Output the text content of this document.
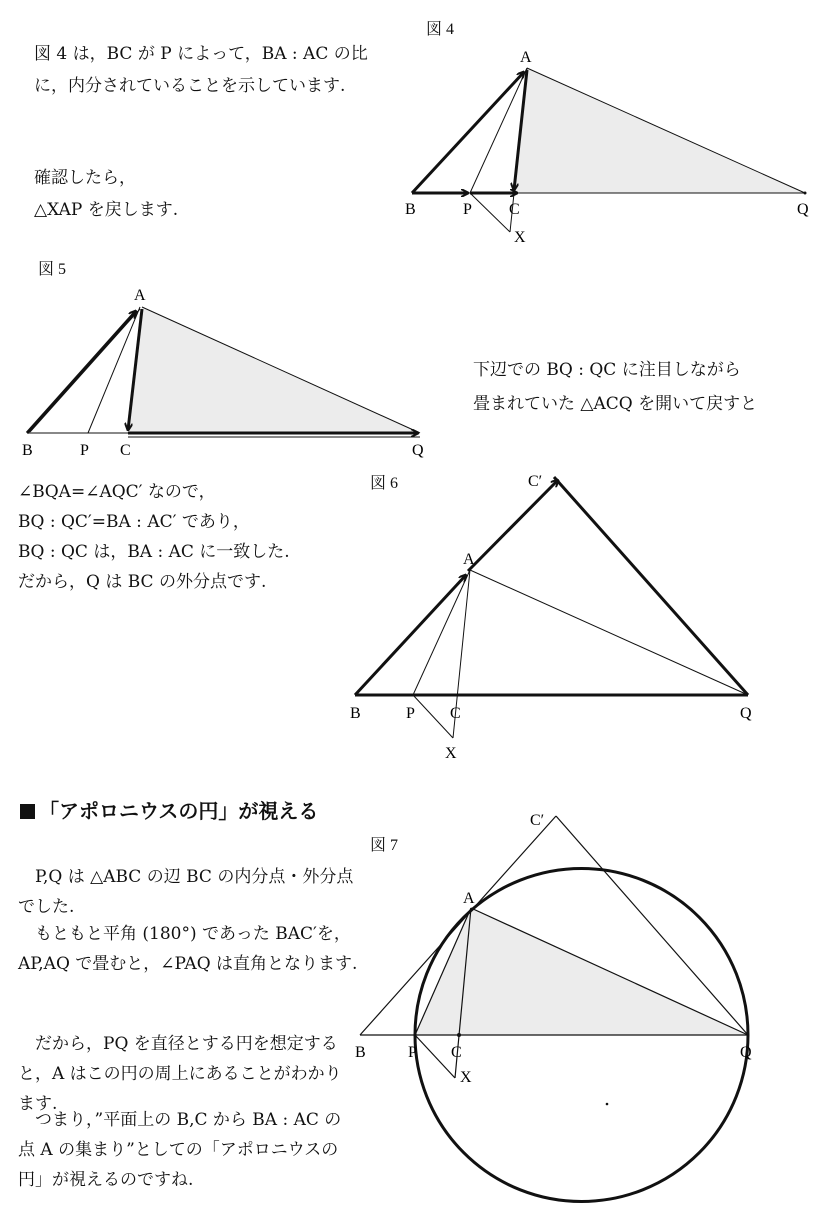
図 4

図 4 は，BC が P によって，BA : AC の比

に，内分されていることを示しています.

確認したら，

△XAP を戻します.

図 5

下辺での BQ : QC に注目しながら

畳まれていた △ACQ を開いて戻すと

図 6

∠BQA=∠AQC′ なので，

BQ : QC′=BA : AC′ であり，

BQ : QC は，BA : AC に一致した.

だから，Q は BC の外分点です.

「アポロニウスの円」が視える
図 7

P,Q は △ABC の辺 BC の内分点・外分点でした.

もともと平角 (180°) であった BAC′を，AP,AQ で畳むと，∠PAQ は直角となります.

だから，PQ を直径とする円を想定すると，A はこの円の周上にあることがわかります.

つまり，”平面上の B,C から BA : AC の点 A の集まり”としての「アポロニウスの円」が視えるのですね.

A
B	P C	Q
X
A
B	P C	Q
C′
A
B	P C	Q
X
C′
A
B	P C	Q
X
